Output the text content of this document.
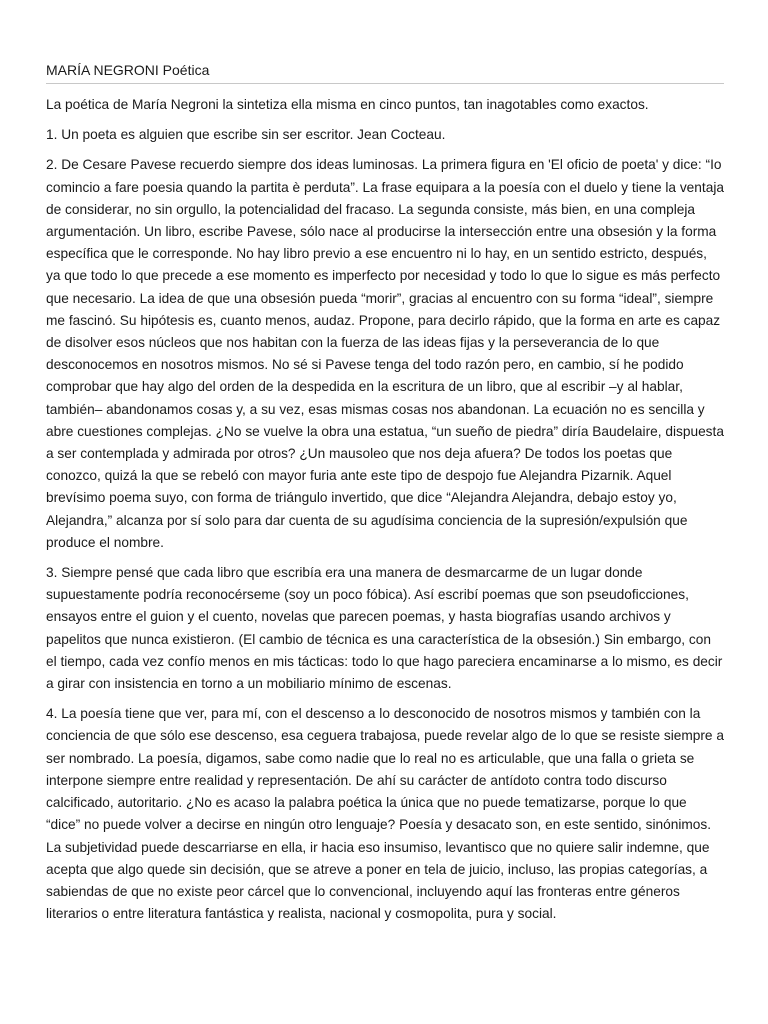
MARÍA NEGRONI Poética

La poética de María Negroni la sintetiza ella misma en cinco puntos, tan inagotables como exactos.

1. Un poeta es alguien que escribe sin ser escritor. Jean Cocteau.

2. De Cesare Pavese recuerdo siempre dos ideas luminosas. La primera figura en 'El oficio de poeta' y dice: “Io comincio a fare poesia quando la partita è perduta”. La frase equipara a la poesía con el duelo y tiene la ventaja de considerar, no sin orgullo, la potencialidad del fracaso. La segunda consiste, más bien, en una compleja argumentación. Un libro, escribe Pavese, sólo nace al producirse la intersección entre una obsesión y la forma específica que le corresponde. No hay libro previo a ese encuentro ni lo hay, en un sentido estricto, después, ya que todo lo que precede a ese momento es imperfecto por necesidad y todo lo que lo sigue es más perfecto que necesario. La idea de que una obsesión pueda “morir”, gracias al encuentro con su forma “ideal”, siempre me fascinó. Su hipótesis es, cuanto menos, audaz. Propone, para decirlo rápido, que la forma en arte es capaz de disolver esos núcleos que nos habitan con la fuerza de las ideas fijas y la perseverancia de lo que desconocemos en nosotros mismos. No sé si Pavese tenga del todo razón pero, en cambio, sí he podido comprobar que hay algo del orden de la despedida en la escritura de un libro, que al escribir –y al hablar, también– abandonamos cosas y, a su vez, esas mismas cosas nos abandonan. La ecuación no es sencilla y abre cuestiones complejas. ¿No se vuelve la obra una estatua, “un sueño de piedra” diría Baudelaire, dispuesta a ser contemplada y admirada por otros? ¿Un mausoleo que nos deja afuera? De todos los poetas que conozco, quizá la que se rebeló con mayor furia ante este tipo de despojo fue Alejandra Pizarnik. Aquel brevísimo poema suyo, con forma de triángulo invertido, que dice “Alejandra Alejandra, debajo estoy yo, Alejandra,” alcanza por sí solo para dar cuenta de su agudísima conciencia de la supresión/expulsión que produce el nombre.

3. Siempre pensé que cada libro que escribía era una manera de desmarcarme de un lugar donde supuestamente podría reconocérseme (soy un poco fóbica). Así escribí poemas que son pseudoficciones, ensayos entre el guion y el cuento, novelas que parecen poemas, y hasta biografías usando archivos y papelitos que nunca existieron. (El cambio de técnica es una característica de la obsesión.) Sin embargo, con el tiempo, cada vez confío menos en mis tácticas: todo lo que hago pareciera encaminarse a lo mismo, es decir a girar con insistencia en torno a un mobiliario mínimo de escenas.

4. La poesía tiene que ver, para mí, con el descenso a lo desconocido de nosotros mismos y también con la conciencia de que sólo ese descenso, esa ceguera trabajosa, puede revelar algo de lo que se resiste siempre a ser nombrado. La poesía, digamos, sabe como nadie que lo real no es articulable, que una falla o grieta se interpone siempre entre realidad y representación. De ahí su carácter de antídoto contra todo discurso calcificado, autoritario. ¿No es acaso la palabra poética la única que no puede tematizarse, porque lo que “dice” no puede volver a decirse en ningún otro lenguaje? Poesía y desacato son, en este sentido, sinónimos. La subjetividad puede descarriarse en ella, ir hacia eso insumiso, levantisco que no quiere salir indemne, que acepta que algo quede sin decisión, que se atreve a poner en tela de juicio, incluso, las propias categorías, a sabiendas de que no existe peor cárcel que lo convencional, incluyendo aquí las fronteras entre géneros literarios o entre literatura fantástica y realista, nacional y cosmopolita, pura y social.
